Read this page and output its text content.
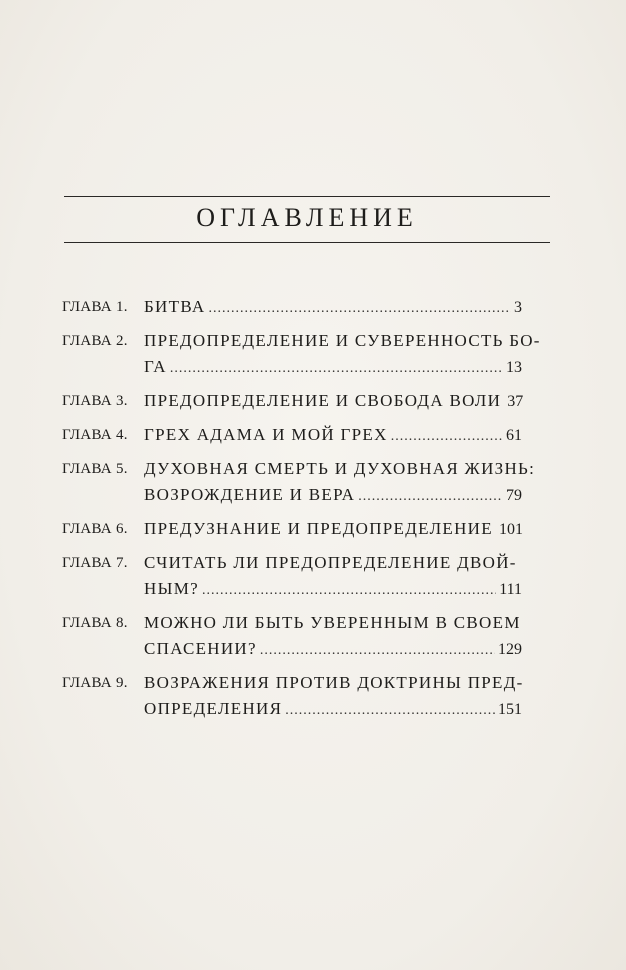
ОГЛАВЛЕНИЕ
ГЛАВА 1. БИТВА .....	3
ГЛАВА 2. ПРЕДОПРЕДЕЛЕНИЕ И СУВЕРЕННОСТЬ БО-
ГА .....	13
ГЛАВА 3. ПРЕДОПРЕДЕЛЕНИЕ И СВОБОДА ВОЛИ 37
ГЛАВА 4. ГРЕХ АДАМА И МОЙ ГРЕХ .....	61
ГЛАВА 5. ДУХОВНАЯ СМЕРТЬ И ДУХОВНАЯ ЖИЗНЬ:
ВОЗРОЖДЕНИЕ И ВЕРА .....	79
ГЛАВА 6. ПРЕДУЗНАНИЕ И ПРЕДОПРЕДЕЛЕНИЕ 101
ГЛАВА 7. СЧИТАТЬ ЛИ ПРЕДОПРЕДЕЛЕНИЕ ДВОЙ-
НЫМ? .....	111
ГЛАВА 8. МОЖНО ЛИ БЫТЬ УВЕРЕННЫМ В СВОЕМ
СПАСЕНИИ? .....	129
ГЛАВА 9. ВОЗРАЖЕНИЯ ПРОТИВ ДОКТРИНЫ ПРЕД-
ОПРЕДЕЛЕНИЯ .....	151
